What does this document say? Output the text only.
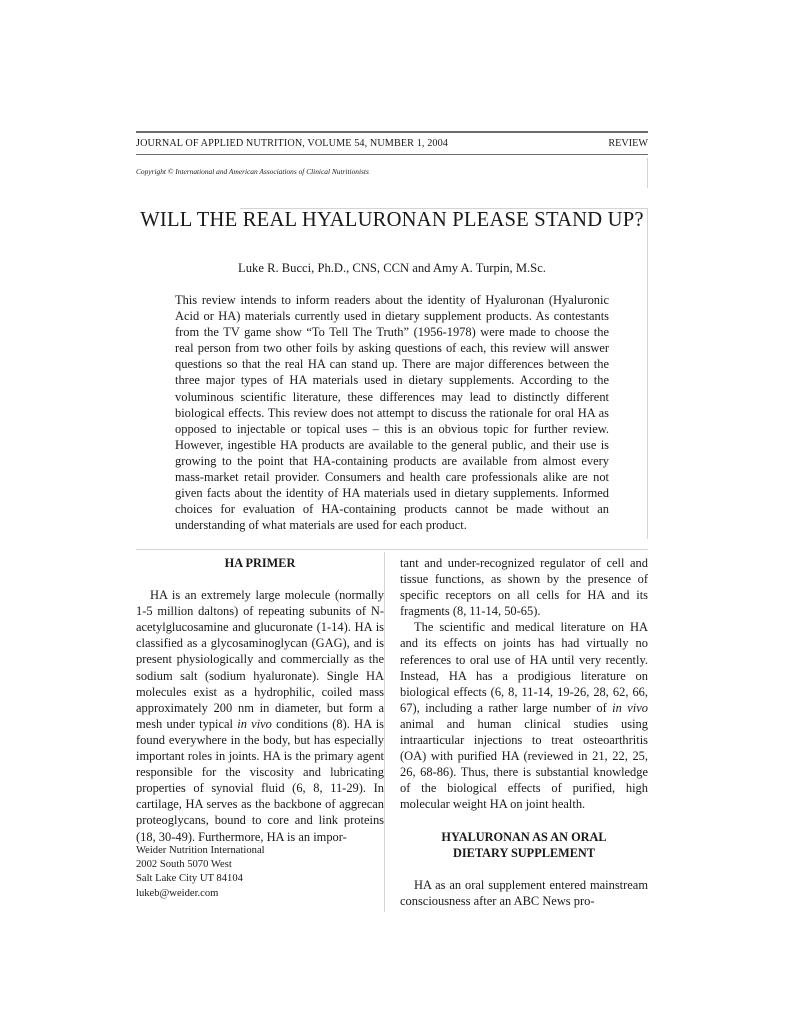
JOURNAL OF APPLIED NUTRITION, VOLUME 54, NUMBER 1, 2004	REVIEW
Copyright © International and American Associations of Clinical Nutritionists
WILL THE REAL HYALURONAN PLEASE STAND UP?
Luke R. Bucci, Ph.D., CNS, CCN and Amy A. Turpin, M.Sc.

This review intends to inform readers about the identity of Hyaluronan (Hyaluronic Acid or HA) materials currently used in dietary supplement products. As contestants from the TV game show “To Tell The Truth” (1956-1978) were made to choose the real person from two other foils by asking questions of each, this review will answer questions so that the real HA can stand up. There are major differences between the three major types of HA materials used in dietary supplements. According to the voluminous scientific literature, these differences may lead to distinctly different biological effects. This review does not attempt to discuss the rationale for oral HA as opposed to injectable or topical uses – this is an obvious topic for further review. However, ingestible HA products are available to the general public, and their use is growing to the point that HA-containing products are available from almost every mass-market retail provider. Consumers and health care professionals alike are not given facts about the identity of HA materials used in dietary supplements. Informed choices for evaluation of HA-containing products cannot be made without an understanding of what materials are used for each product.

HA PRIMER

HA is an extremely large molecule (normally 1-5 million daltons) of repeating subunits of N-acetylglucosamine and glucuronate (1-14). HA is classified as a glycosaminoglycan (GAG), and is present physiologically and commercially as the sodium salt (sodium hyaluronate). Single HA molecules exist as a hydrophilic, coiled mass approximately 200 nm in diameter, but form a mesh under typical in vivo conditions (8). HA is found everywhere in the body, but has especially important roles in joints. HA is the primary agent responsible for the viscosity and lubricating properties of synovial fluid (6, 8, 11-29). In cartilage, HA serves as the backbone of aggrecan proteoglycans, bound to core and link proteins (18, 30-49). Furthermore, HA is an impor-

Weider Nutrition International
2002 South 5070 West
Salt Lake City UT 84104
lukeb@weider.com

tant and under-recognized regulator of cell and tissue functions, as shown by the presence of specific receptors on all cells for HA and its fragments (8, 11-14, 50-65).

The scientific and medical literature on HA and its effects on joints has had virtually no references to oral use of HA until very recently. Instead, HA has a prodigious literature on biological effects (6, 8, 11-14, 19-26, 28, 62, 66, 67), including a rather large number of in vivo animal and human clinical studies using intraarticular injections to treat osteoarthritis (OA) with purified HA (reviewed in 21, 22, 25, 26, 68-86). Thus, there is substantial knowledge of the biological effects of purified, high molecular weight HA on joint health.

HYALURONAN AS AN ORAL
DIETARY SUPPLEMENT

HA as an oral supplement entered mainstream consciousness after an ABC News pro-
